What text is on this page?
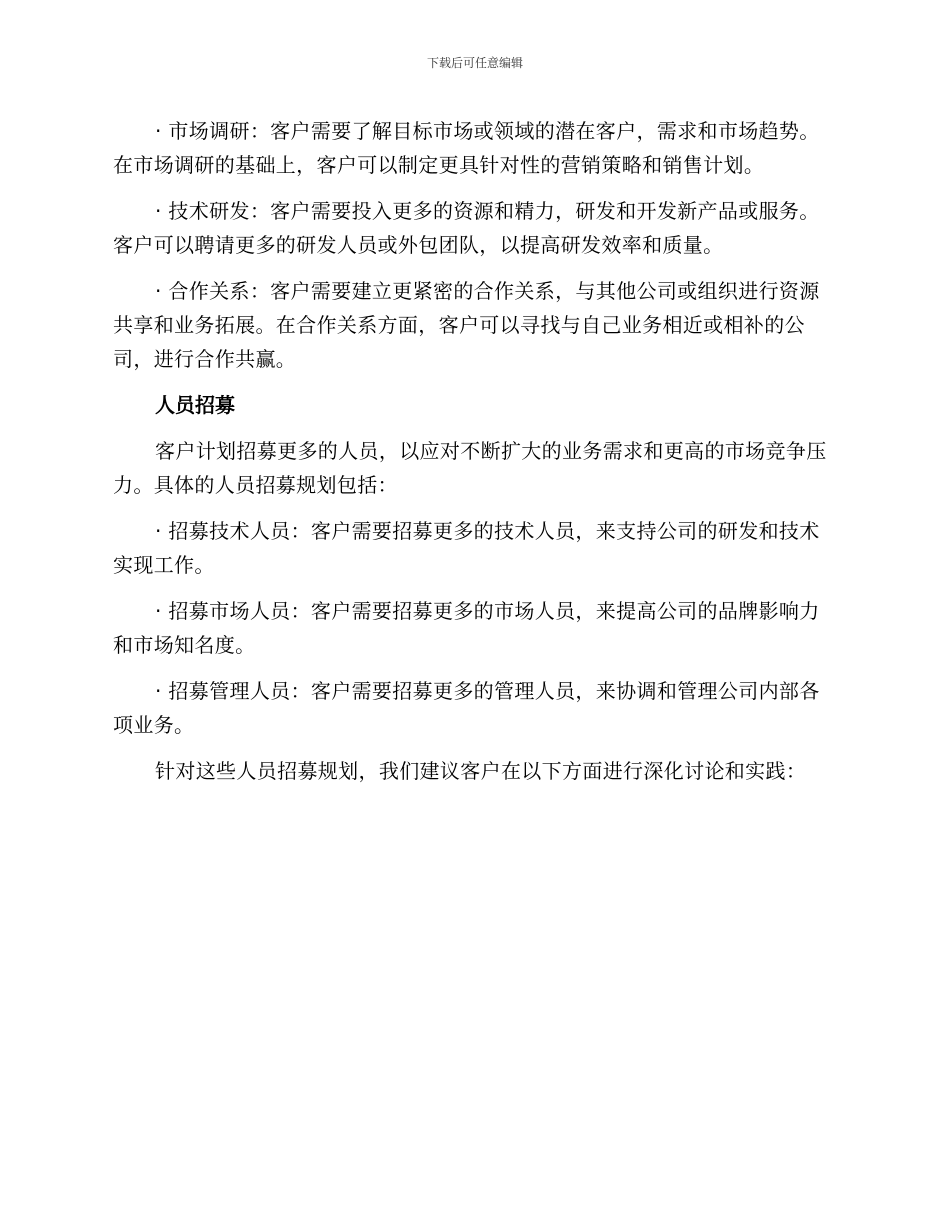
下载后可任意编辑

· 市场调研：客户需要了解目标市场或领域的潜在客户，需求和市场趋势。在市场调研的基础上，客户可以制定更具针对性的营销策略和销售计划。

· 技术研发：客户需要投入更多的资源和精力，研发和开发新产品或服务。客户可以聘请更多的研发人员或外包团队，以提高研发效率和质量。

· 合作关系：客户需要建立更紧密的合作关系，与其他公司或组织进行资源共享和业务拓展。在合作关系方面，客户可以寻找与自己业务相近或相补的公司，进行合作共赢。

人员招募

客户计划招募更多的人员，以应对不断扩大的业务需求和更高的市场竞争压力。具体的人员招募规划包括：

· 招募技术人员：客户需要招募更多的技术人员，来支持公司的研发和技术实现工作。

· 招募市场人员：客户需要招募更多的市场人员，来提高公司的品牌影响力和市场知名度。

· 招募管理人员：客户需要招募更多的管理人员，来协调和管理公司内部各项业务。

针对这些人员招募规划，我们建议客户在以下方面进行深化讨论和实践：
